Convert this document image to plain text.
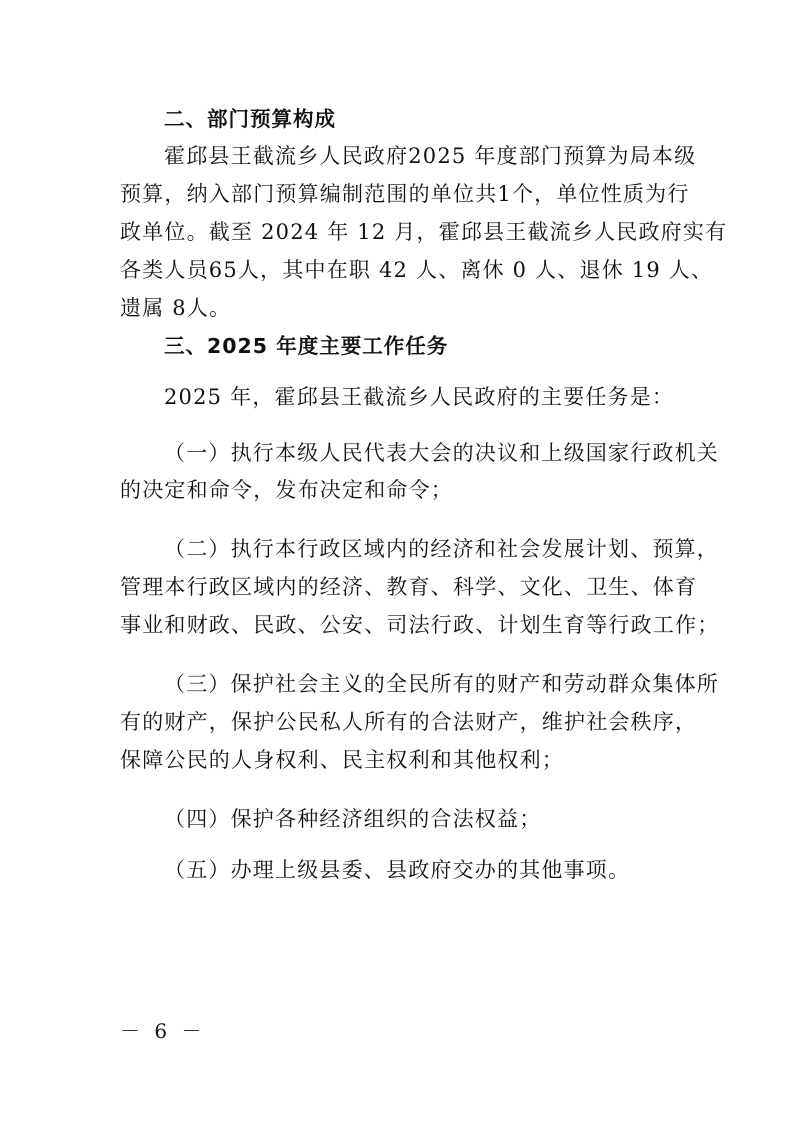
二、部门预算构成
霍邱县王截流乡人民政府2025 年度部门预算为局本级
预算，纳入部门预算编制范围的单位共1个，单位性质为行
政单位。截至 2024 年 12 月，霍邱县王截流乡人民政府实有
各类人员65人，其中在职 42 人、离休 0 人、退休 19 人、
遗属 8人。
三、2025 年度主要工作任务
2025 年，霍邱县王截流乡人民政府的主要任务是：
（一）执行本级人民代表大会的决议和上级国家行政机关
的决定和命令，发布决定和命令；
（二）执行本行政区域内的经济和社会发展计划、预算，
管理本行政区域内的经济、教育、科学、文化、卫生、体育
事业和财政、民政、公安、司法行政、计划生育等行政工作；
（三）保护社会主义的全民所有的财产和劳动群众集体所
有的财产，保护公民私人所有的合法财产，维护社会秩序，
保障公民的人身权利、民主权利和其他权利；
（四）保护各种经济组织的合法权益；
（五）办理上级县委、县政府交办的其他事项。
－ 6 －
